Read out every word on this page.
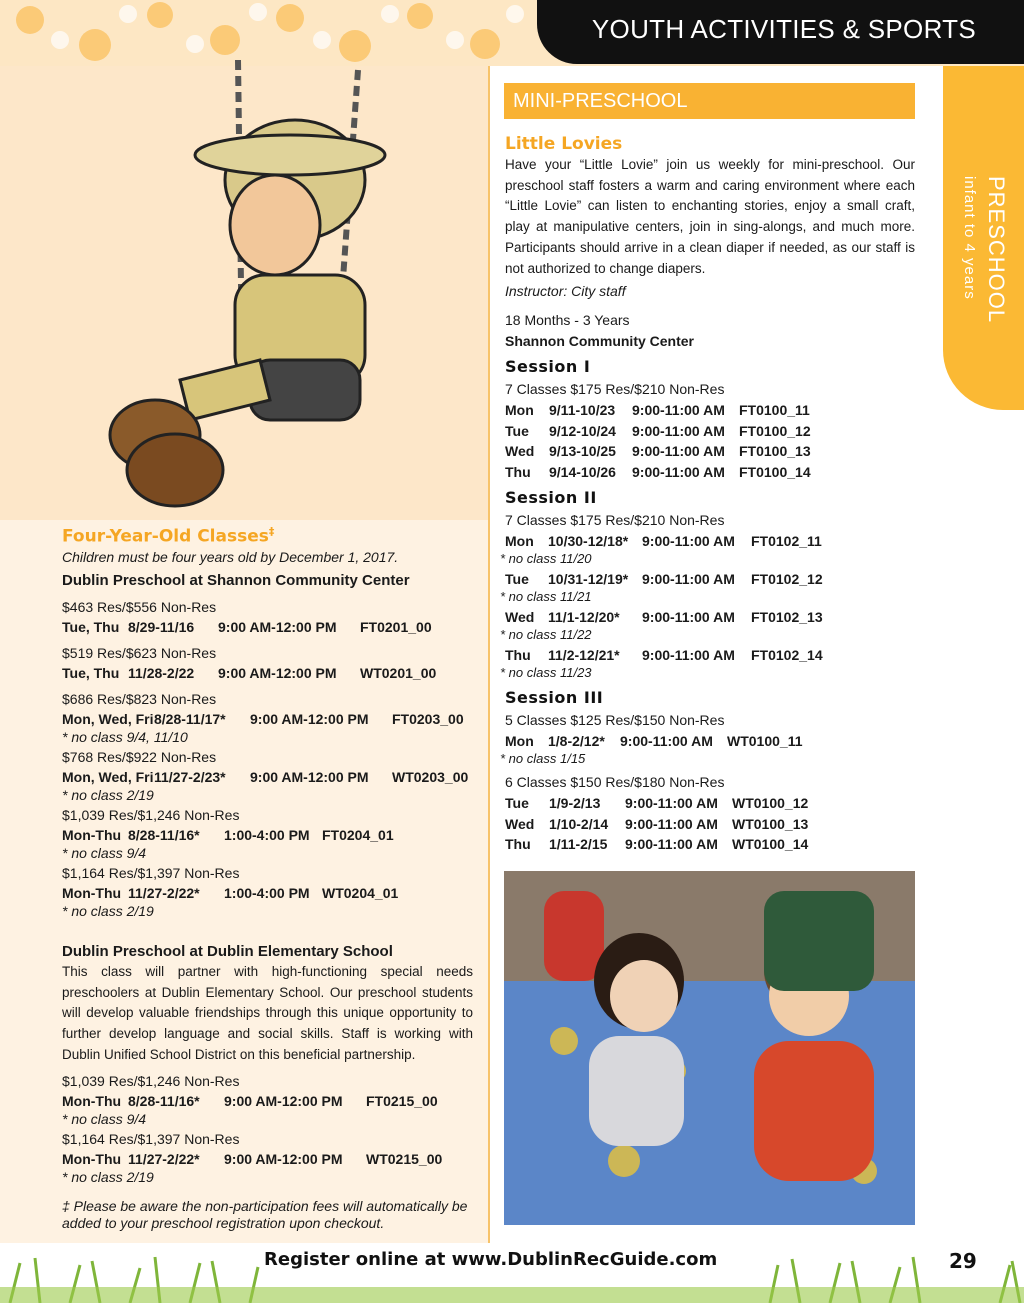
YOUTH ACTIVITIES & SPORTS
PRESCHOOL
infant to 4 years
Four-Year-Old Classes‡
Children must be four years old by December 1, 2017.
Dublin Preschool at Shannon Community Center
$463 Res/$556 Non-Res
Tue, Thu 8/29-11/16 9:00 AM-12:00 PM FT0201_00
$519 Res/$623 Non-Res
Tue, Thu 11/28-2/22 9:00 AM-12:00 PM WT0201_00
$686 Res/$823 Non-Res
Mon, Wed, Fri 8/28-11/17* 9:00 AM-12:00 PM FT0203_00
* no class 9/4, 11/10
$768 Res/$922 Non-Res
Mon, Wed, Fri 11/27-2/23* 9:00 AM-12:00 PM WT0203_00
* no class 2/19
$1,039 Res/$1,246 Non-Res
Mon-Thu 8/28-11/16* 1:00-4:00 PM FT0204_01
* no class 9/4
$1,164 Res/$1,397 Non-Res
Mon-Thu 11/27-2/22* 1:00-4:00 PM WT0204_01
* no class 2/19
Dublin Preschool at Dublin Elementary School
This class will partner with high-functioning special needs preschoolers at Dublin Elementary School. Our preschool students will develop valuable friendships through this unique opportunity to further develop language and social skills. Staff is working with Dublin Unified School District on this beneficial partnership.
$1,039 Res/$1,246 Non-Res
Mon-Thu 8/28-11/16* 9:00 AM-12:00 PM FT0215_00
* no class 9/4
$1,164 Res/$1,397 Non-Res
Mon-Thu 11/27-2/22* 9:00 AM-12:00 PM WT0215_00
* no class 2/19
‡ Please be aware the non-participation fees will automatically be
added to your preschool registration upon checkout.
MINI-PRESCHOOL
Little Lovies
Have your “Little Lovie” join us weekly for mini-preschool. Our preschool staff fosters a warm and caring environment where each “Little Lovie” can listen to enchanting stories, enjoy a small craft, play at manipulative centers, join in sing-alongs, and much more. Participants should arrive in a clean diaper if needed, as our staff is not authorized to change diapers.
Instructor: City staff
18 Months - 3 Years
Shannon Community Center
Session I
7 Classes $175 Res/$210 Non-Res
Mon 9/11-10/23 9:00-11:00 AM FT0100_11
Tue 9/12-10/24 9:00-11:00 AM FT0100_12
Wed 9/13-10/25 9:00-11:00 AM FT0100_13
Thu 9/14-10/26 9:00-11:00 AM FT0100_14
Session II
7 Classes $175 Res/$210 Non-Res
Mon 10/30-12/18* 9:00-11:00 AM FT0102_11
* no class 11/20
Tue 10/31-12/19* 9:00-11:00 AM FT0102_12
* no class 11/21
Wed 11/1-12/20* 9:00-11:00 AM FT0102_13
* no class 11/22
Thu 11/2-12/21* 9:00-11:00 AM FT0102_14
* no class 11/23
Session III
5 Classes $125 Res/$150 Non-Res
Mon 1/8-2/12* 9:00-11:00 AM WT0100_11
* no class 1/15
6 Classes $150 Res/$180 Non-Res
Tue 1/9-2/13 9:00-11:00 AM WT0100_12
Wed 1/10-2/14 9:00-11:00 AM WT0100_13
Thu 1/11-2/15 9:00-11:00 AM WT0100_14
Register online at www.DublinRecGuide.com	29
